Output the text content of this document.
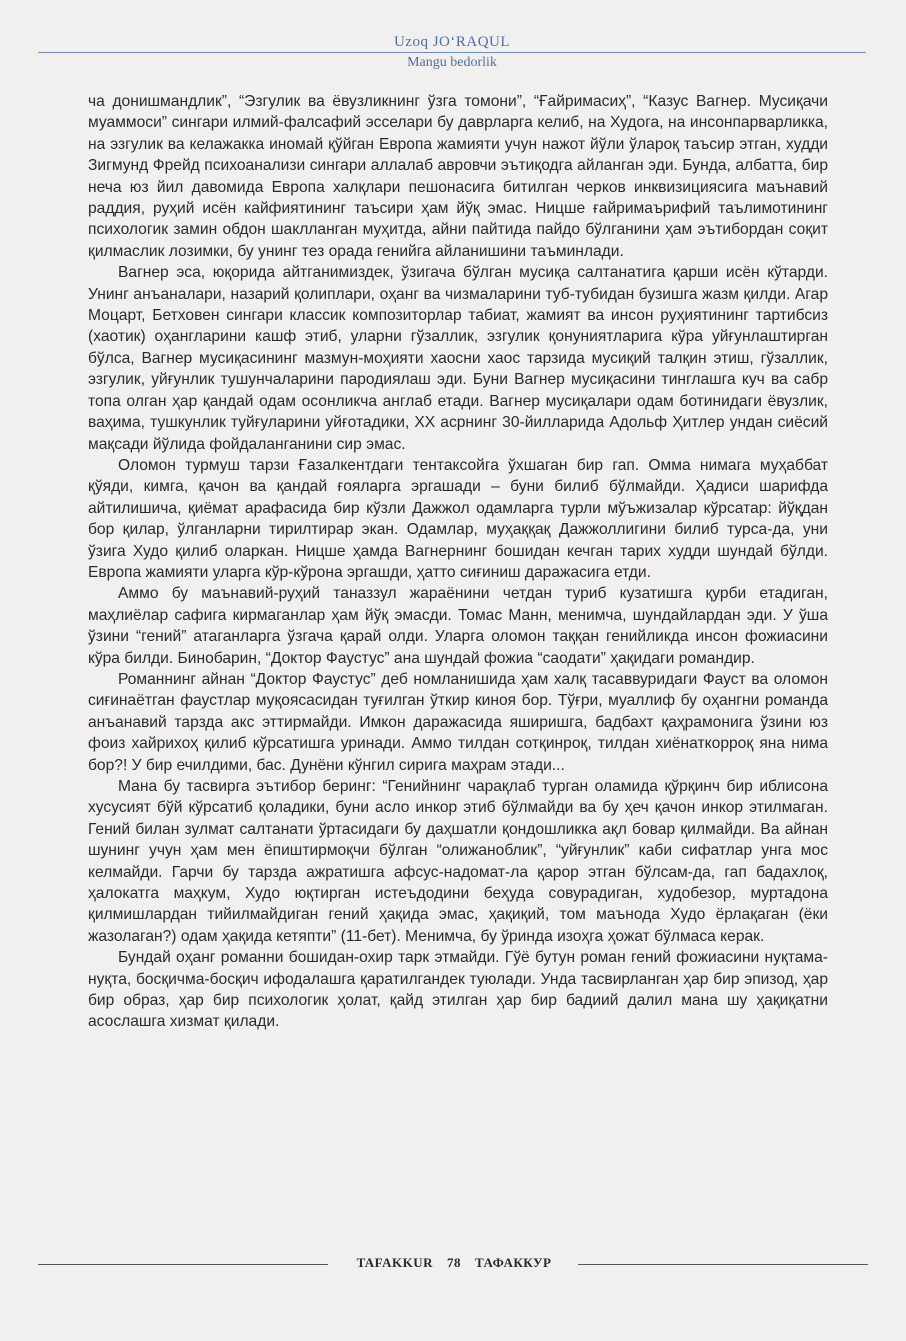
Uzoq JO‘RAQUL
Mangu bedorlik

ча донишмандлик”, “Эзгулик ва ёвузликнинг ўзга томони”, “Ғайримасиҳ”, “Казус Вагнер. Мусиқачи муаммоси” сингари илмий-фалсафий эсселари бу даврларга келиб, на Худога, на инсонпарварликка, на эзгулик ва келажакка иномай қўйган Европа жамияти учун нажот йўли ўлароқ таъсир этган, худди Зигмунд Фрейд психоанализи сингари аллалаб авровчи эътиқодга айланган эди. Бунда, албатта, бир неча юз йил давомида Европа халқлари пешонасига битилган черков инквизициясига маънавий раддия, руҳий исён кайфиятининг таъсири ҳам йўқ эмас. Ницше ғайримаърифий таълимотининг психологик замин обдон шаклланган муҳитда, айни пайтида пайдо бўлганини ҳам эътибордан соқит қилмаслик лозимки, бу унинг тез орада генийга айланишини таъминлади.

Вагнер эса, юқорида айтганимиздек, ўзигача бўлган мусиқа салтанатига қарши исён кўтарди. Унинг анъаналари, назарий қолиплари, оҳанг ва чизмаларини туб-тубидан бузишга жазм қилди. Агар Моцарт, Бетховен сингари классик композиторлар табиат, жамият ва инсон руҳиятининг тартибсиз (хаотик) оҳангларини кашф этиб, уларни гўзаллик, эзгулик қонуниятларига кўра уйғунлаштирган бўлса, Вагнер мусиқасининг мазмун-моҳияти хаосни хаос тарзида мусиқий талқин этиш, гўзаллик, эзгулик, уйғунлик тушунчаларини пародиялаш эди. Буни Вагнер мусиқасини тинглашга куч ва сабр топа олган ҳар қандай одам осонликча англаб етади. Вагнер мусиқалари одам ботинидаги ёвузлик, ваҳима, тушкунлик туйғуларини уйғотадики, XX асрнинг 30-йилларида Адольф Ҳитлер ундан сиёсий мақсади йўлида фойдаланганини сир эмас.

Оломон турмуш тарзи Ғазалкентдаги тентаксойга ўхшаган бир гап. Омма нимага муҳаббат қўяди, кимга, қачон ва қандай ғояларга эргашади – буни билиб бўлмайди. Ҳадиси шарифда айтилишича, қиёмат арафасида бир кўзли Дажжол одамларга турли мўъжизалар кўрсатар: йўқдан бор қилар, ўлганларни тирилтирар экан. Одамлар, муҳаққақ Дажжоллигини билиб турса-да, уни ўзига Худо қилиб оларкан. Ницше ҳамда Вагнернинг бошидан кечган тарих худди шундай бўлди. Европа жамияти уларга кўр-кўрона эргашди, ҳатто сиғиниш даражасига етди.

Аммо бу маънавий-руҳий таназзул жараёнини четдан туриб кузатишга қурби етадиган, маҳлиёлар сафига кирмаганлар ҳам йўқ эмасди. Томас Манн, менимча, шундайлардан эди. У ўша ўзини “гений” атаганларга ўзгача қарай олди. Уларга оломон таққан генийликда инсон фожиасини кўра билди. Бинобарин, “Доктор Фаустус” ана шундай фожиа “саодати” ҳақидаги романдир.

Романнинг айнан “Доктор Фаустус” деб номланишида ҳам халқ тасаввуридаги Фауст ва оломон сиғинаётган фаустлар муқоясасидан туғилган ўткир киноя бор. Тўғри, муаллиф бу оҳангни романда анъанавий тарзда акс эттирмайди. Имкон даражасида яширишга, бадбахт қаҳрамонига ўзини юз фоиз хайрихоҳ қилиб кўрсатишга уринади. Аммо тилдан сотқинроқ, тилдан хиёнаткорроқ яна нима бор?! У бир ечилдими, бас. Дунёни кўнгил сирига маҳрам этади...

Мана бу тасвирга эътибор беринг: “Генийнинг чарақлаб турган оламида қўрқинч бир иблисона хусусият бўй кўрсатиб қоладики, буни асло инкор этиб бўлмайди ва бу ҳеч қачон инкор этилмаган. Гений билан зулмат салтанати ўртасидаги бу даҳшатли қондошликка ақл бовар қилмайди. Ва айнан шунинг учун ҳам мен ёпиштирмоқчи бўлган “олижаноблик”, “уйғунлик” каби сифатлар унга мос келмайди. Гарчи бу тарзда ажратишга афсус-надомат-ла қарор этган бўлсам-да, гап бадахлоқ, ҳалокатга маҳкум, Худо юқтирган истеъдодини беҳуда совурадиган, худобезор, муртадона қилмишлардан тийилмайдиган гений ҳақида эмас, ҳақиқий, том маънода Худо ёрлақаган (ёки жазолаган?) одам ҳақида кетяпти” (11-бет). Менимча, бу ўринда изоҳга ҳожат бўлмаса керак.

Бундай оҳанг романни бошидан-охир тарк этмайди. Гўё бутун роман гений фожиасини нуқтама-нуқта, босқичма-босқич ифодалашга қаратилгандек туюлади. Унда тасвирланган ҳар бир эпизод, ҳар бир образ, ҳар бир психологик ҳолат, қайд этилган ҳар бир бадиий далил мана шу ҳақиқатни асослашга хизмат қилади.

TAFAKKUR 78 ТАФАККУР
